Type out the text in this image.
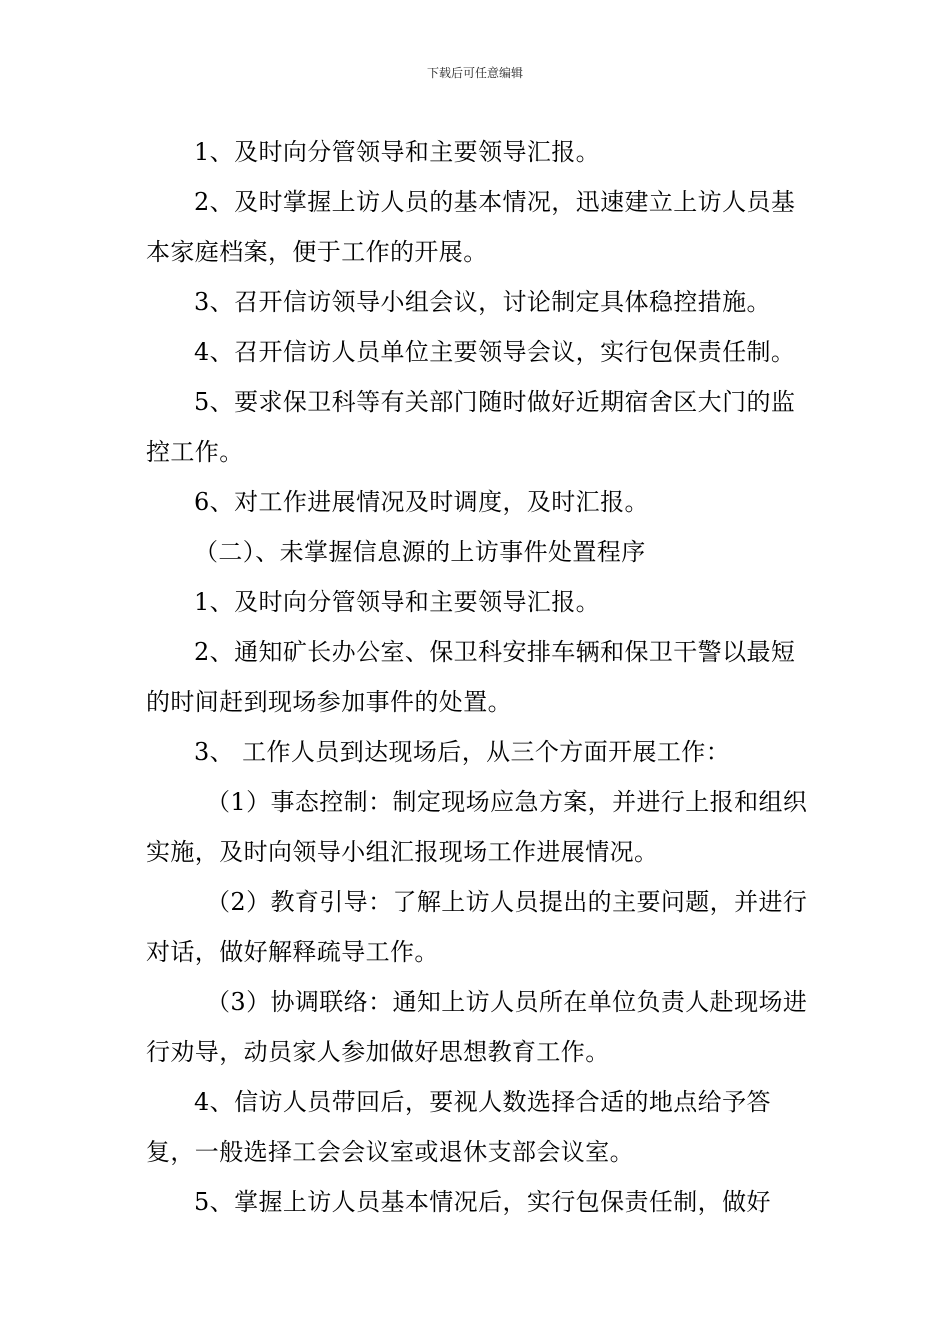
下载后可任意编辑

1、及时向分管领导和主要领导汇报。

2、及时掌握上访人员的基本情况，迅速建立上访人员基本家庭档案，便于工作的开展。

3、召开信访领导小组会议，讨论制定具体稳控措施。

4、召开信访人员单位主要领导会议，实行包保责任制。

5、要求保卫科等有关部门随时做好近期宿舍区大门的监控工作。

6、对工作进展情况及时调度，及时汇报。

（二）、未掌握信息源的上访事件处置程序

1、及时向分管领导和主要领导汇报。

2、通知矿长办公室、保卫科安排车辆和保卫干警以最短的时间赶到现场参加事件的处置。

3、 工作人员到达现场后，从三个方面开展工作：

（1）事态控制：制定现场应急方案，并进行上报和组织实施，及时向领导小组汇报现场工作进展情况。

（2）教育引导：了解上访人员提出的主要问题，并进行对话，做好解释疏导工作。

（3）协调联络：通知上访人员所在单位负责人赴现场进行劝导，动员家人参加做好思想教育工作。

4、信访人员带回后，要视人数选择合适的地点给予答复，一般选择工会会议室或退休支部会议室。

5、掌握上访人员基本情况后，实行包保责任制，做好
